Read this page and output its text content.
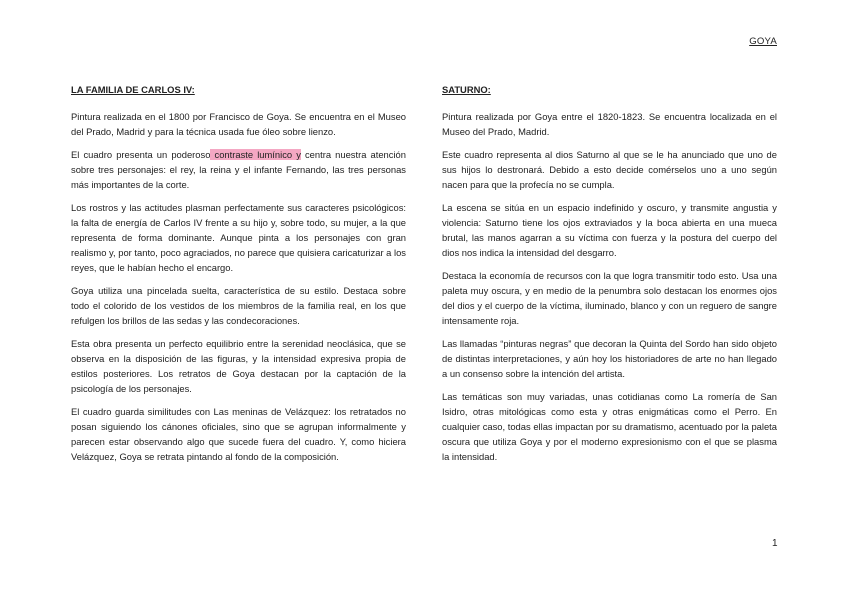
GOYA
LA FAMILIA DE CARLOS IV:

Pintura realizada en el 1800 por Francisco de Goya. Se encuentra en el Museo del Prado, Madrid y para la técnica usada fue óleo sobre lienzo.

El cuadro presenta un poderoso contraste lumínico y centra nuestra atención sobre tres personajes: el rey, la reina y el infante Fernando, las tres personas más importantes de la corte.

Los rostros y las actitudes plasman perfectamente sus caracteres psicológicos: la falta de energía de Carlos IV frente a su hijo y, sobre todo, su mujer, a la que representa de forma dominante. Aunque pinta a los personajes con gran realismo y, por tanto, poco agraciados, no parece que quisiera caricaturizar a los reyes, que le habían hecho el encargo.

Goya utiliza una pincelada suelta, característica de su estilo. Destaca sobre todo el colorido de los vestidos de los miembros de la familia real, en los que refulgen los brillos de las sedas y las condecoraciones.

Esta obra presenta un perfecto equilibrio entre la serenidad neoclásica, que se observa en la disposición de las figuras, y la intensidad expresiva propia de estilos posteriores. Los retratos de Goya destacan por la captación de la psicología de los personajes.

El cuadro guarda similitudes con Las meninas de Velázquez: los retratados no posan siguiendo los cánones oficiales, sino que se agrupan informalmente y parecen estar observando algo que sucede fuera del cuadro. Y, como hiciera Velázquez, Goya se retrata pintando al fondo de la composición.

SATURNO:

Pintura realizada por Goya entre el 1820-1823. Se encuentra localizada en el Museo del Prado, Madrid.

Este cuadro representa al dios Saturno al que se le ha anunciado que uno de sus hijos lo destronará. Debido a esto decide comérselos uno a uno según nacen para que la profecía no se cumpla.

La escena se sitúa en un espacio indefinido y oscuro, y transmite angustia y violencia: Saturno tiene los ojos extraviados y la boca abierta en una mueca brutal, las manos agarran a su víctima con fuerza y la postura del cuerpo del dios nos indica la intensidad del desgarro.

Destaca la economía de recursos con la que logra transmitir todo esto. Usa una paleta muy oscura, y en medio de la penumbra solo destacan los enormes ojos del dios y el cuerpo de la víctima, iluminado, blanco y con un reguero de sangre intensamente roja.

Las llamadas “pinturas negras” que decoran la Quinta del Sordo han sido objeto de distintas interpretaciones, y aún hoy los historiadores de arte no han llegado a un consenso sobre la intención del artista.

Las temáticas son muy variadas, unas cotidianas como La romería de San Isidro, otras mitológicas como esta y otras enigmáticas como el Perro. En cualquier caso, todas ellas impactan por su dramatismo, acentuado por la paleta oscura que utiliza Goya y por el moderno expresionismo con el que se plasma la intensidad.

1
